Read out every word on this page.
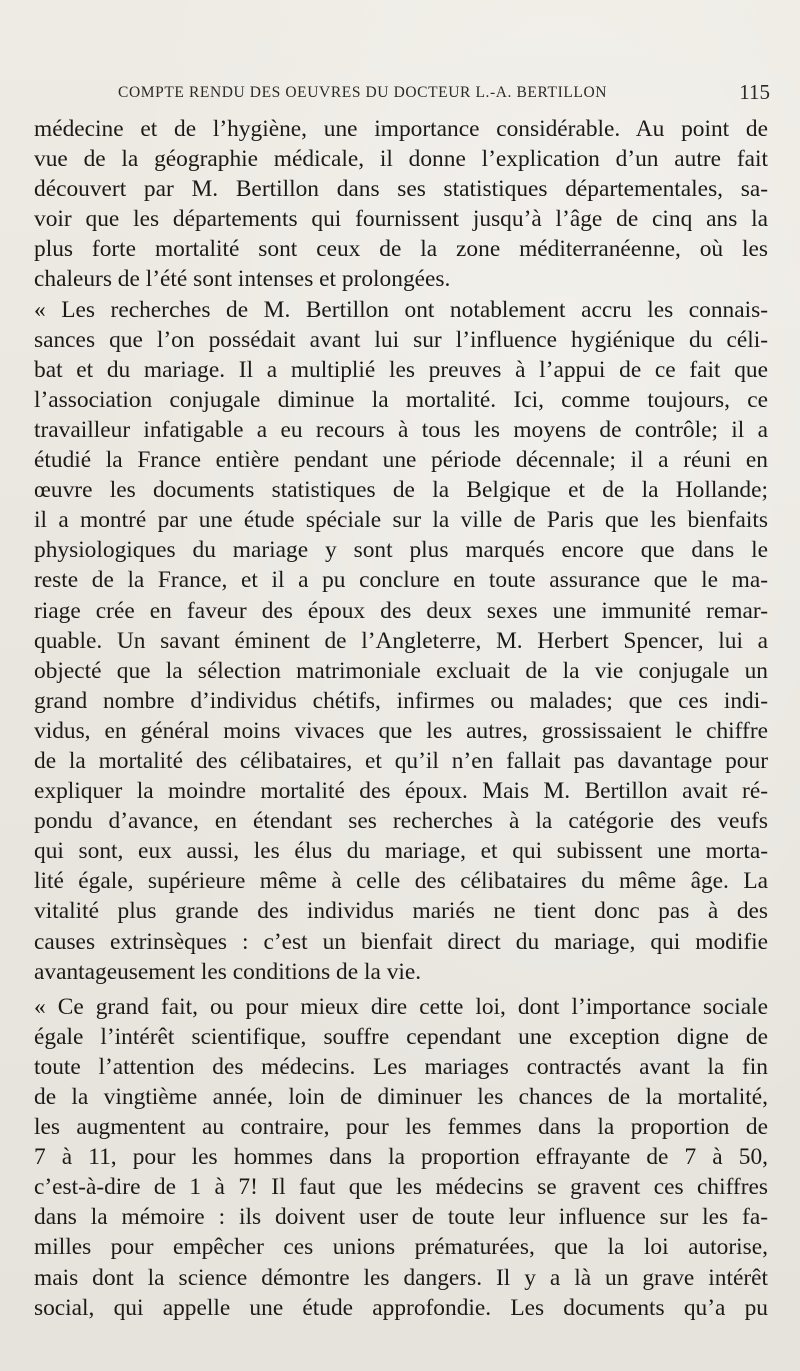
COMPTE RENDU DES OEUVRES DU DOCTEUR L.-A. BERTILLON	115
médecine et de l’hygiène, une importance considérable. Au point de
vue de la géographie médicale, il donne l’explication d’un autre fait
découvert par M. Bertillon dans ses statistiques départementales, sa-
voir que les départements qui fournissent jusqu’à l’âge de cinq ans la
plus forte mortalité sont ceux de la zone méditerranéenne, où les
chaleurs de l’été sont intenses et prolongées.
« Les recherches de M. Bertillon ont notablement accru les connais-
sances que l’on possédait avant lui sur l’influence hygiénique du céli-
bat et du mariage. Il a multiplié les preuves à l’appui de ce fait que
l’association conjugale diminue la mortalité. Ici, comme toujours, ce
travailleur infatigable a eu recours à tous les moyens de contrôle; il a
étudié la France entière pendant une période décennale; il a réuni en
œuvre les documents statistiques de la Belgique et de la Hollande;
il a montré par une étude spéciale sur la ville de Paris que les bienfaits
physiologiques du mariage y sont plus marqués encore que dans le
reste de la France, et il a pu conclure en toute assurance que le ma-
riage crée en faveur des époux des deux sexes une immunité remar-
quable. Un savant éminent de l’Angleterre, M. Herbert Spencer, lui a
objecté que la sélection matrimoniale excluait de la vie conjugale un
grand nombre d’individus chétifs, infirmes ou malades; que ces indi-
vidus, en général moins vivaces que les autres, grossissaient le chiffre
de la mortalité des célibataires, et qu’il n’en fallait pas davantage pour
expliquer la moindre mortalité des époux. Mais M. Bertillon avait ré-
pondu d’avance, en étendant ses recherches à la catégorie des veufs
qui sont, eux aussi, les élus du mariage, et qui subissent une morta-
lité égale, supérieure même à celle des célibataires du même âge. La
vitalité plus grande des individus mariés ne tient donc pas à des
causes extrinsèques : c’est un bienfait direct du mariage, qui modifie
avantageusement les conditions de la vie.
« Ce grand fait, ou pour mieux dire cette loi, dont l’importance sociale
égale l’intérêt scientifique, souffre cependant une exception digne de
toute l’attention des médecins. Les mariages contractés avant la fin
de la vingtième année, loin de diminuer les chances de la mortalité,
les augmentent au contraire, pour les femmes dans la proportion de
7 à 11, pour les hommes dans la proportion effrayante de 7 à 50,
c’est-à-dire de 1 à 7! Il faut que les médecins se gravent ces chiffres
dans la mémoire : ils doivent user de toute leur influence sur les fa-
milles pour empêcher ces unions prématurées, que la loi autorise,
mais dont la science démontre les dangers. Il y a là un grave intérêt
social, qui appelle une étude approfondie. Les documents qu’a pu
